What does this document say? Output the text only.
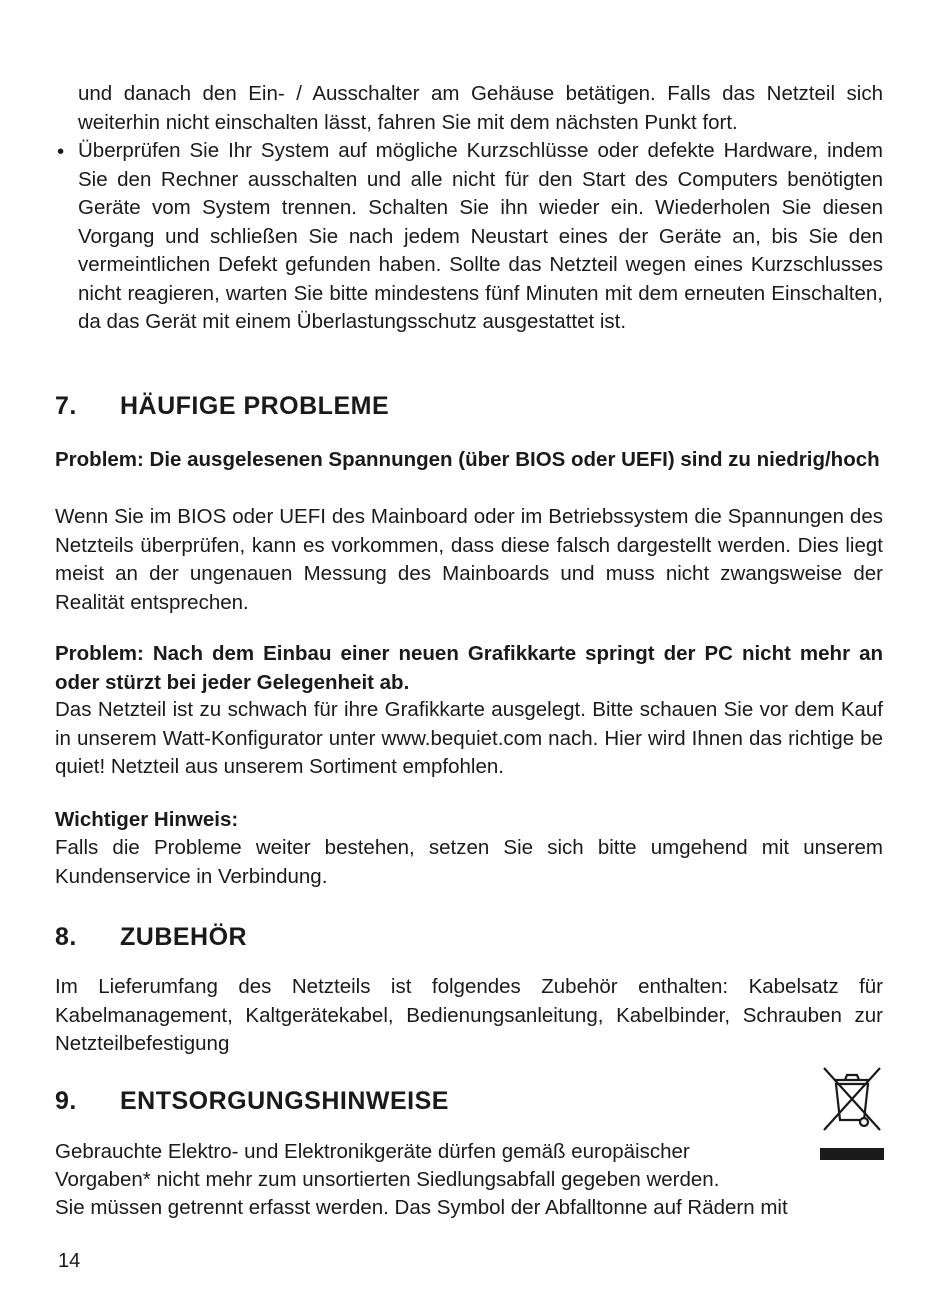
und danach den Ein- / Ausschalter am Gehäuse betätigen. Falls das Netzteil sich weiterhin nicht einschalten lässt, fahren Sie mit dem nächsten Punkt fort.

• Überprüfen Sie Ihr System auf mögliche Kurzschlüsse oder defekte Hardware, indem Sie den Rechner ausschalten und alle nicht für den Start des Computers benötigten Geräte vom System trennen. Schalten Sie ihn wieder ein. Wiederholen Sie diesen Vorgang und schließen Sie nach jedem Neustart eines der Geräte an, bis Sie den vermeintlichen Defekt gefunden haben. Sollte das Netzteil wegen eines Kurzschlusses nicht reagieren, warten Sie bitte mindestens fünf Minuten mit dem erneuten Einschalten, da das Gerät mit einem Überlastungsschutz ausgestattet ist.

7. HÄUFIGE PROBLEME

Problem: Die ausgelesenen Spannungen (über BIOS oder UEFI) sind zu niedrig/hoch

Wenn Sie im BIOS oder UEFI des Mainboard oder im Betriebssystem die Spannungen des Netzteils überprüfen, kann es vorkommen, dass diese falsch dargestellt werden. Dies liegt meist an der ungenauen Messung des Mainboards und muss nicht zwangsweise der Realität entsprechen.

Problem: Nach dem Einbau einer neuen Grafikkarte springt der PC nicht mehr an oder stürzt bei jeder Gelegenheit ab.

Das Netzteil ist zu schwach für ihre Grafikkarte ausgelegt. Bitte schauen Sie vor dem Kauf in unserem Watt-Konfigurator unter www.bequiet.com nach. Hier wird Ihnen das richtige be quiet! Netzteil aus unserem Sortiment empfohlen.

Wichtiger Hinweis:

Falls die Probleme weiter bestehen, setzen Sie sich bitte umgehend mit unserem Kundenservice in Verbindung.

8. ZUBEHÖR

Im Lieferumfang des Netzteils ist folgendes Zubehör enthalten: Kabelsatz für Kabelmanagement, Kaltgerätekabel, Bedienungsanleitung, Kabelbinder, Schrauben zur Netzteilbefestigung

9. ENTSORGUNGSHINWEISE

Gebrauchte Elektro- und Elektronikgeräte dürfen gemäß europäischer

Vorgaben* nicht mehr zum unsortierten Siedlungsabfall gegeben werden.

Sie müssen getrennt erfasst werden. Das Symbol der Abfalltonne auf Rädern mit

14
